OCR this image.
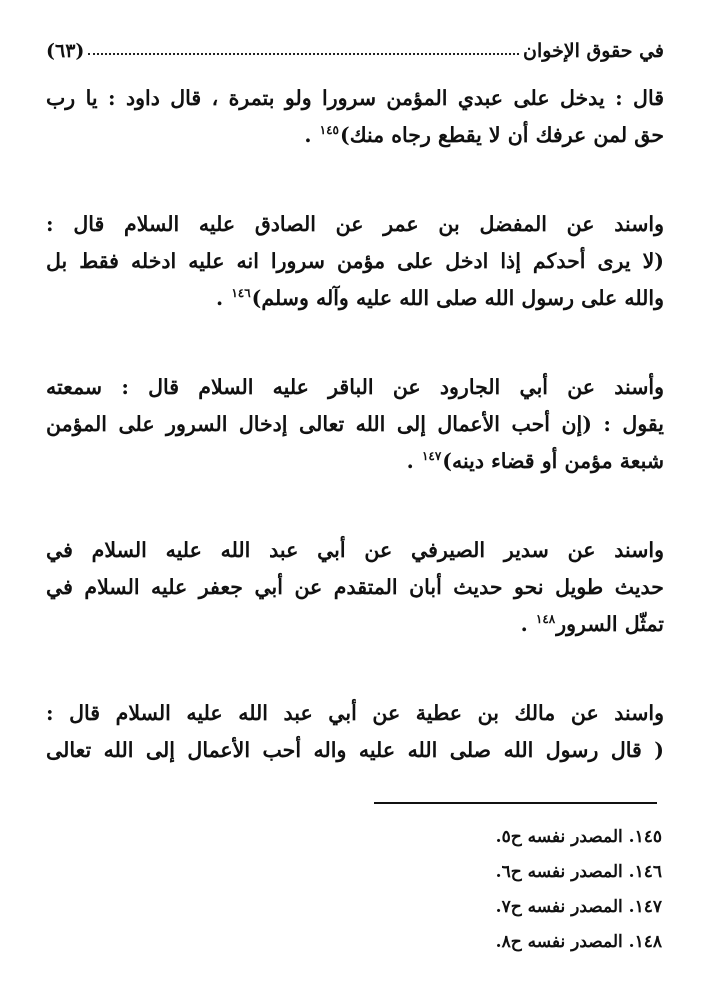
في حقوق الإخوان
(٦٣)

قال : يدخل على عبدي المؤمن سرورا ولو بتمرة ، قال داود : يا رب
حق لمن عرفك أن لا يقطع رجاه منك)$^{١٤٥}$ .

واسند عن المفضل بن عمر عن الصادق عليه السلام قال :
(لا يرى أحدكم إذا ادخل على مؤمن سرورا انه عليه ادخله فقط بل
والله على رسول الله صلى الله عليه وآله وسلم)$^{١٤٦}$ .

وأسند عن أبي الجارود عن الباقر عليه السلام قال : سمعته
يقول : (إن أحب الأعمال إلى الله تعالى إدخال السرور على المؤمن
شبعة مؤمن أو قضاء دينه)$^{١٤٧}$ .

واسند عن سدير الصيرفي عن أبي عبد الله عليه السلام في
حديث طويل نحو حديث أبان المتقدم عن أبي جعفر عليه السلام في
تمثّل السرور$^{١٤٨}$ .

واسند عن مالك بن عطية عن أبي عبد الله عليه السلام قال :
( قال رسول الله صلى الله عليه واله أحب الأعمال إلى الله تعالى

١٤٥. المصدر نفسه ح٥.
١٤٦. المصدر نفسه ح٦.
١٤٧. المصدر نفسه ح٧.
١٤٨. المصدر نفسه ح٨.
